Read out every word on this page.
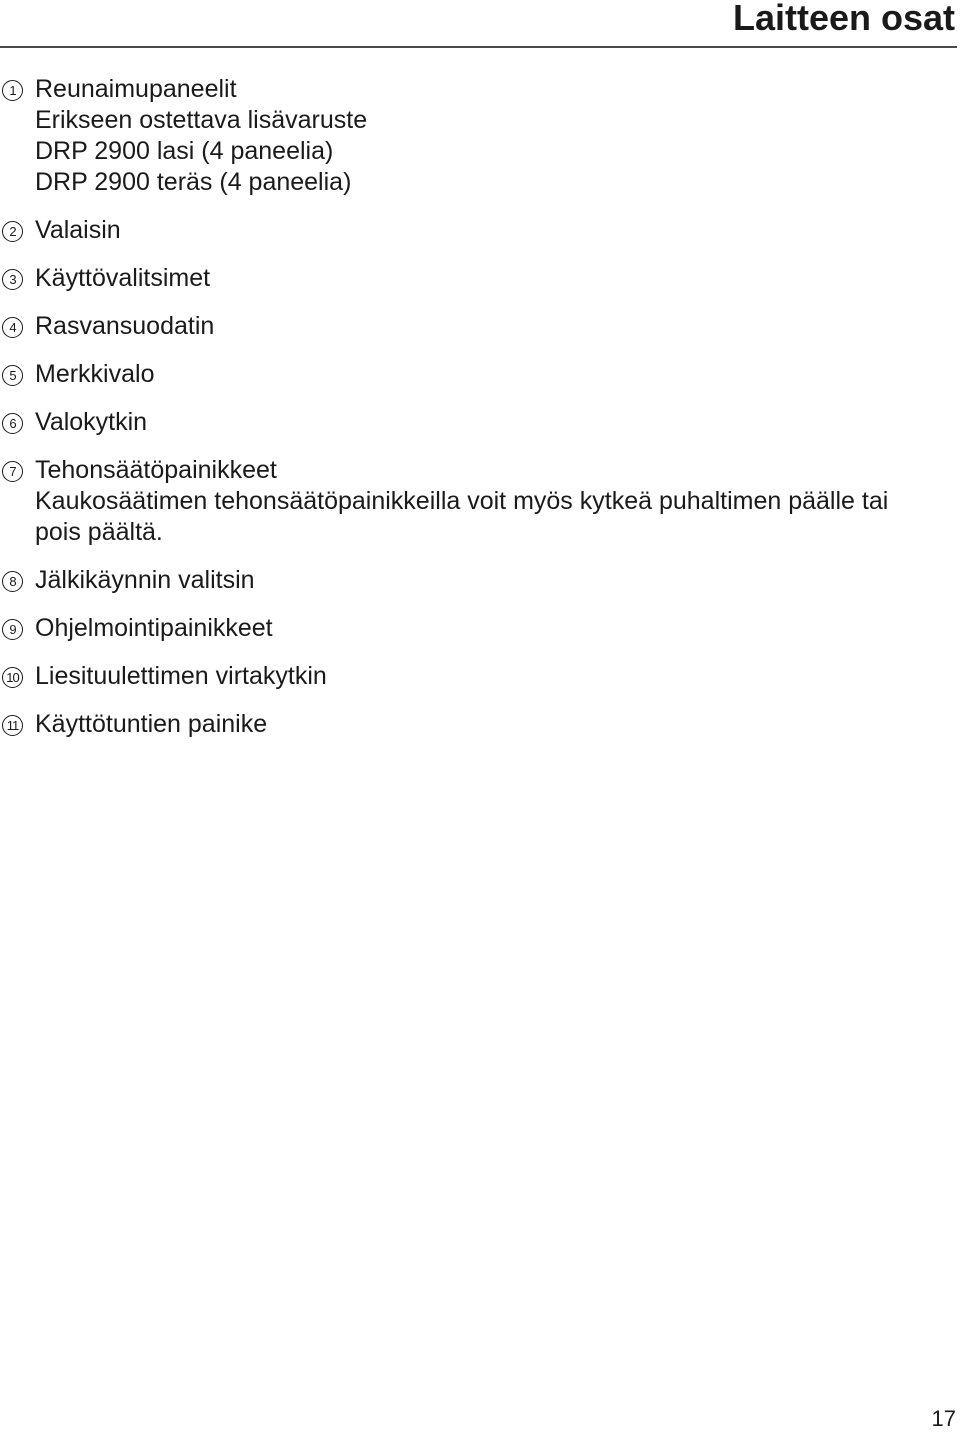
Laitteen osat
1 Reunaimupaneelit
Erikseen ostettava lisävaruste
DRP 2900 lasi (4 paneelia)
DRP 2900 teräs (4 paneelia)
2 Valaisin
3 Käyttövalitsimet
4 Rasvansuodatin
5 Merkkivalo
6 Valokytkin
7 Tehonsäätöpainikkeet
Kaukosäätimen tehonsäätöpainikkeilla voit myös kytkeä puhaltimen päälle tai pois päältä.
8 Jälkikäynnin valitsin
9 Ohjelmointipainikkeet
10 Liesituulettimen virtakytkin
11 Käyttötuntien painike
17
